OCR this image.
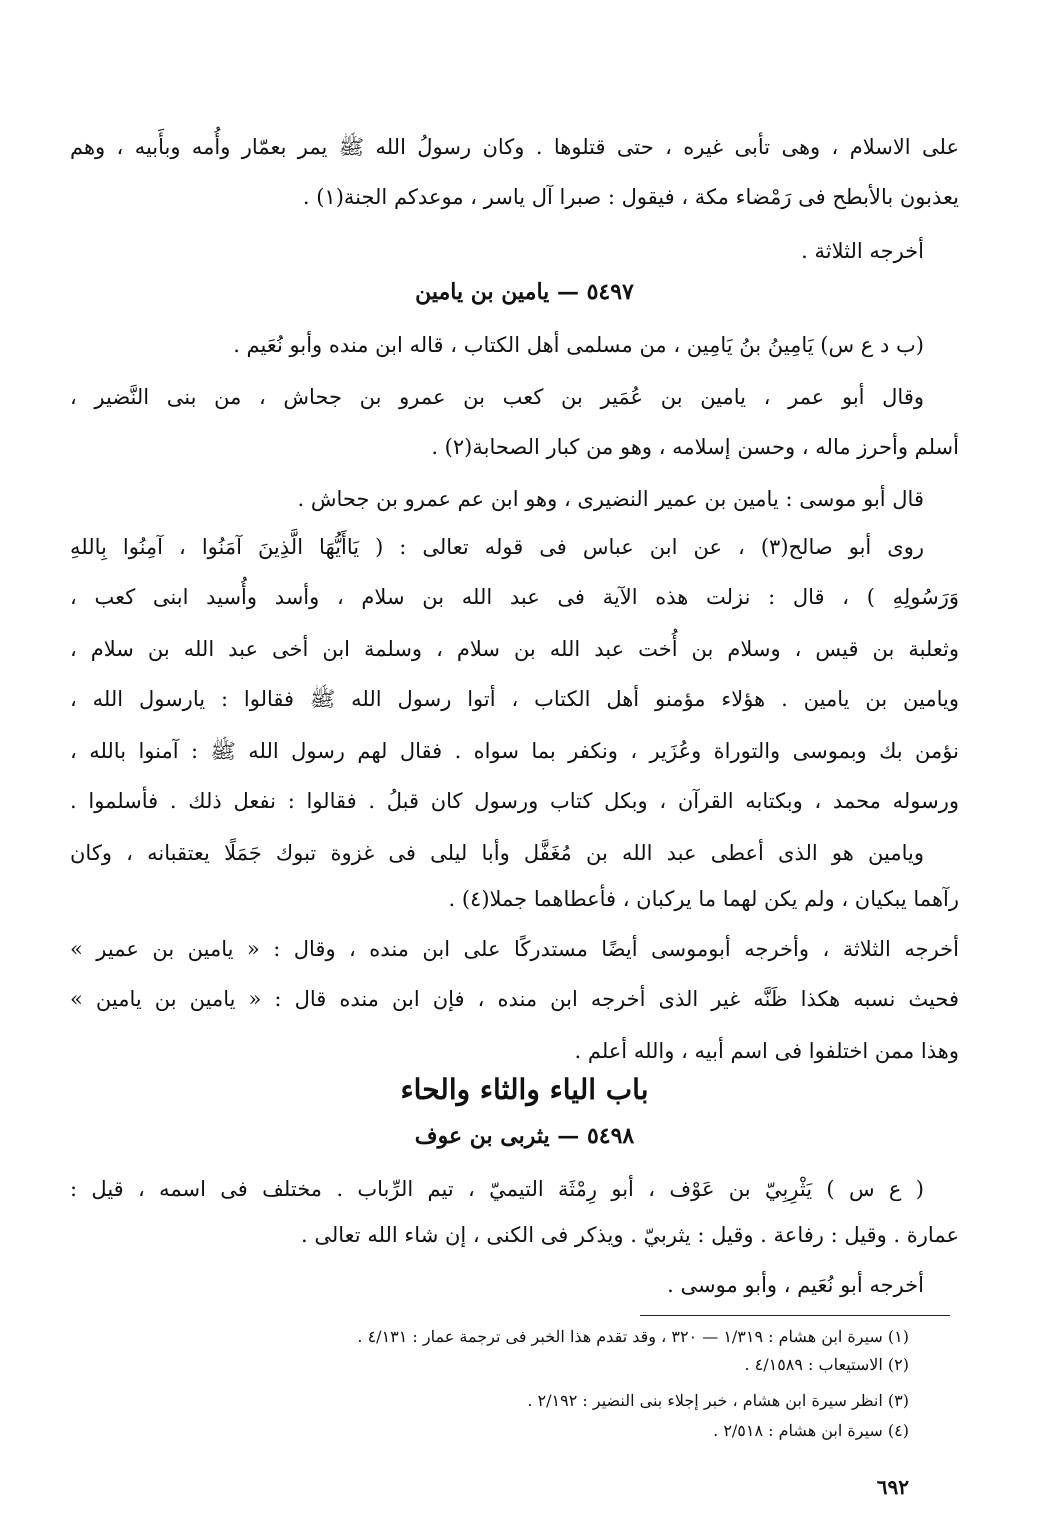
على الاسلام ، وهى تأبى غيره ، حتى قتلوها . وكان رسولُ الله ﷺ يمر بعمّار وأُمه وبأَبيه ، وهم
يعذبون بالأبطح فى رَمْضاء مكة ، فيقول : صبرا آل ياسر ، موعدكم الجنة(١) .
أخرجه الثلاثة .
٥٤٩٧ — يامين بن يامين
(ب د ع س) يَامِينُ بنُ يَامِين ، من مسلمى أهل الكتاب ، قاله ابن منده وأبو نُعَيم .
وقال أبو عمر ، يامين بن عُمَير بن كعب بن عمرو بن جحاش ، من بنى النَّضير ،
أسلم وأحرز ماله ، وحسن إسلامه ، وهو من كبار الصحابة(٢) .
قال أبو موسى : يامين بن عمير النضيرى ، وهو ابن عم عمرو بن جحاش .
روى أبو صالح(٣) ، عن ابن عباس فى قوله تعالى : ( يَاأَيُّهَا الَّذِينَ آمَنُوا ، آمِنُوا بِاللهِ
وَرَسُولِهِ ) ، قال : نزلت هذه الآية فى عبد الله بن سلام ، وأسد وأُسيد ابنى كعب ،
وثعلبة بن قيس ، وسلام بن أُخت عبد الله بن سلام ، وسلمة ابن أخى عبد الله بن سلام ،
ويامين بن يامين . هؤلاء مؤمنو أهل الكتاب ، أتوا رسول الله ﷺ فقالوا : يارسول الله ،
نؤمن بك وبموسى والتوراة وعُزَير ، ونكفر بما سواه . فقال لهم رسول الله ﷺ : آمنوا بالله ،
ورسوله محمد ، وبكتابه القرآن ، وبكل كتاب ورسول كان قبلُ . فقالوا : نفعل ذلك . فأسلموا .
ويامين هو الذى أعطى عبد الله بن مُغَفَّل وأبا ليلى فى غزوة تبوك جَمَلًا يعتقبانه ، وكان
رآهما يبكيان ، ولم يكن لهما ما يركبان ، فأعطاهما جملا(٤) .
أخرجه الثلاثة ، وأخرجه أبوموسى أيضًا مستدركًا على ابن منده ، وقال : « يامين بن عمير »
فحيث نسبه هكذا ظَنَّه غير الذى أخرجه ابن منده ، فإن ابن منده قال : « يامين بن يامين »
وهذا ممن اختلفوا فى اسم أبيه ، والله أعلم .
باب الياء والثاء والحاء
٥٤٩٨ — يثربى بن عوف
( ع س ) يَثْرِبِيّ بن عَوْف ، أبو رِمْثَة التيميّ ، تيم الرِّباب . مختلف فى اسمه ، قيل :
عمارة . وقيل : رفاعة . وقيل : يثربيّ . ويذكر فى الكنى ، إن شاء الله تعالى .
أخرجه أبو نُعَيم ، وأبو موسى .
(١) سيرة ابن هشام : ١/٣١٩ — ٣٢٠ ، وقد تقدم هذا الخبر فى ترجمة عمار : ٤/١٣١ .
(٢) الاستيعاب : ٤/١٥٨٩ .
(٣) انظر سيرة ابن هشام ، خبر إجلاء بنى النضير : ٢/١٩٢ .
(٤) سيرة ابن هشام : ٢/٥١٨ .
٦٩٢
